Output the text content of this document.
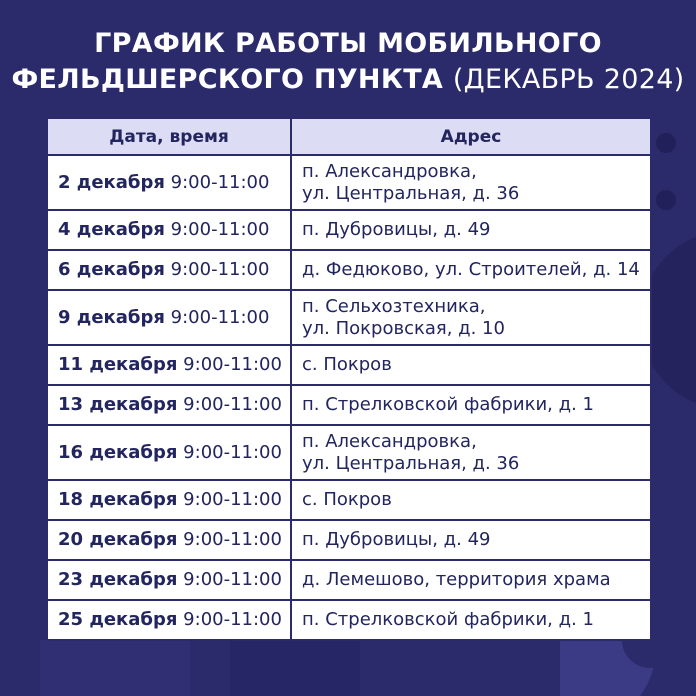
ГРАФИК РАБОТЫ МОБИЛЬНОГО
ФЕЛЬДШЕРСКОГО ПУНКТА (ДЕКАБРЬ 2024)
Дата, время	Адрес
2 декабря 9:00-11:00	п. Александровка,
ул. Центральная, д. 36

4 декабря 9:00-11:00	п. Дубровицы, д. 49

6 декабря 9:00-11:00	д. Федюково, ул. Строителей, д. 14

9 декабря 9:00-11:00	п. Сельхозтехника,
ул. Покровская, д. 10

11 декабря 9:00-11:00	с. Покров

13 декабря 9:00-11:00	п. Стрелковской фабрики, д. 1

16 декабря 9:00-11:00	п. Александровка,
ул. Центральная, д. 36

18 декабря 9:00-11:00	с. Покров

20 декабря 9:00-11:00	п. Дубровицы, д. 49

23 декабря 9:00-11:00	д. Лемешово, территория храма

25 декабря 9:00-11:00	п. Стрелковской фабрики, д. 1
